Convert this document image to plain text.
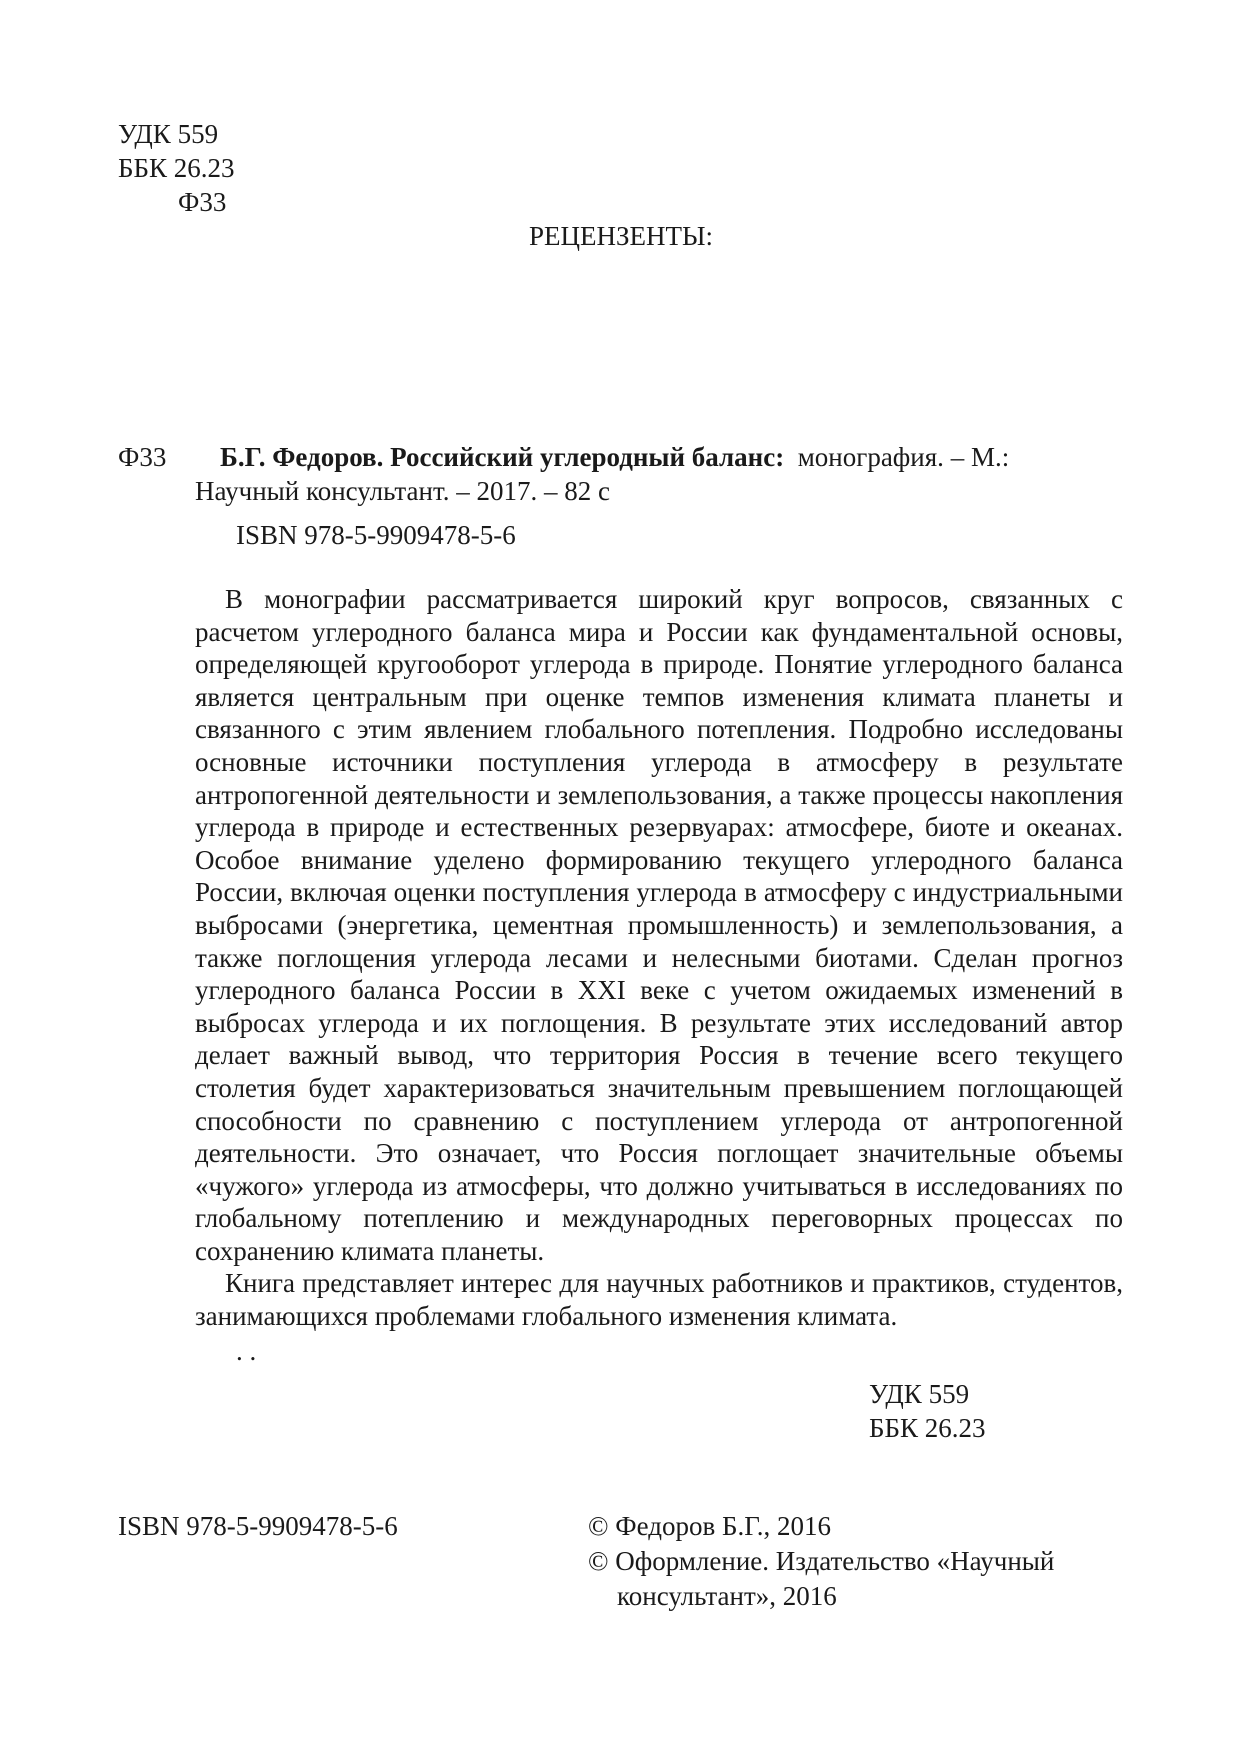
УДК 559
ББК 26.23
Ф33
РЕЦЕНЗЕНТЫ:
Ф33 Б.Г. Федоров. Российский углеродный баланс: монография. – М.:
Научный консультант. – 2017. – 82 с
ISBN 978-5-9909478-5-6

В монографии рассматривается широкий круг вопросов, связанных с расчетом углеродного баланса мира и России как фундаментальной основы, определяющей кругооборот углерода в природе. Понятие углеродного баланса является центральным при оценке темпов изменения климата планеты и связанного с этим явлением глобального потепления. Подробно исследованы основные источники поступления углерода в атмосферу в результате антропогенной деятельности и землепользования, а также процессы накопления углерода в природе и естественных резервуарах: атмосфере, биоте и океанах. Особое внимание уделено формированию текущего углеродного баланса России, включая оценки поступления углерода в атмосферу с индустриальными выбросами (энергетика, цементная промышленность) и землепользования, а также поглощения углерода лесами и нелесными биотами. Сделан прогноз углеродного баланса России в XXI веке с учетом ожидаемых изменений в выбросах углерода и их поглощения. В результате этих исследований автор делает важный вывод, что территория Россия в течение всего текущего столетия будет характеризоваться значительным превышением поглощающей способности по сравнению с поступлением углерода от антропогенной деятельности. Это означает, что Россия поглощает значительные объемы «чужого» углерода из атмосферы, что должно учитываться в исследованиях по глобальному потеплению и международных переговорных процессах по сохранению климата планеты.

Книга представляет интерес для научных работников и практиков, студентов, занимающихся проблемами глобального изменения климата.

. .
УДК 559
ББК 26.23
ISBN 978-5-9909478-5-6	© Федоров Б.Г., 2016
© Оформление. Издательство «Научный
консультант», 2016
